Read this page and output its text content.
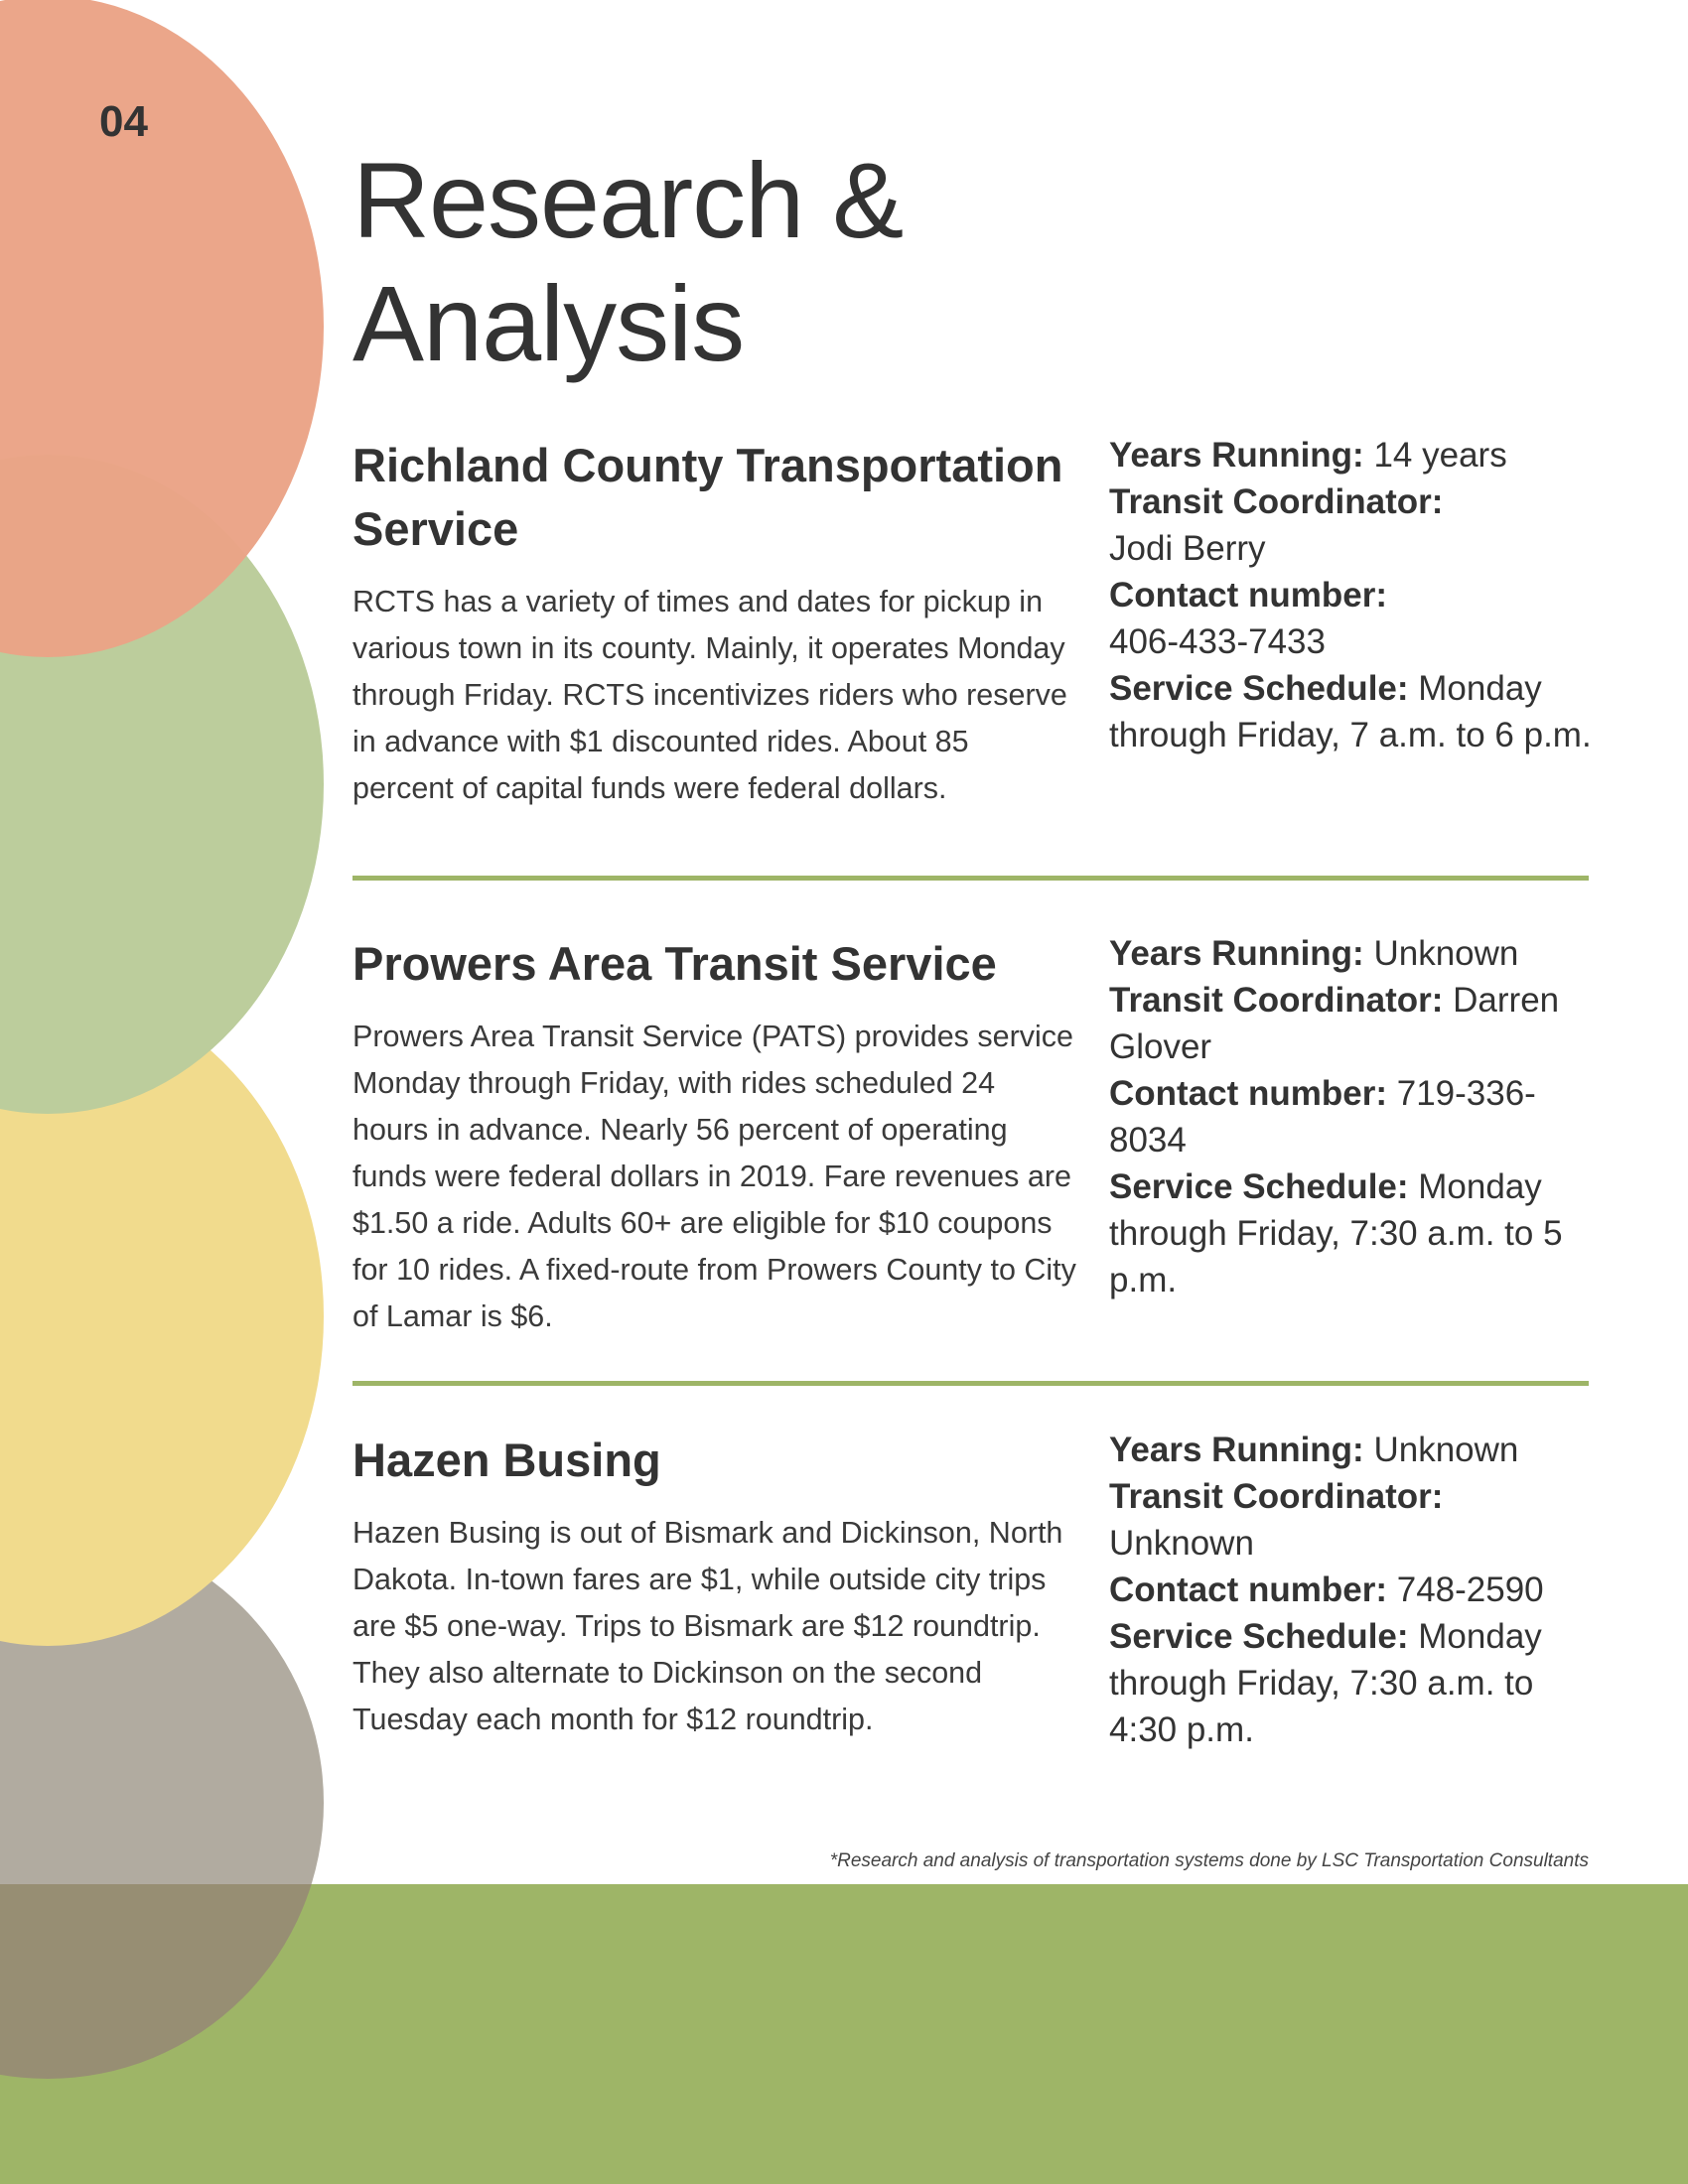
04
Research &
Analysis
Richland County Transportation Service

RCTS has a variety of times and dates for pickup in various town in its county. Mainly, it operates Monday through Friday. RCTS incentivizes riders who reserve in advance with $1 discounted rides. About 85 percent of capital funds were federal dollars.

Years Running: 14 years

Transit Coordinator:

Jodi Berry

Contact number:

406-433-7433

Service Schedule: Monday through Friday, 7 a.m. to 6 p.m.

Prowers Area Transit Service

Prowers Area Transit Service (PATS) provides service Monday through Friday, with rides scheduled 24 hours in advance. Nearly 56 percent of operating funds were federal dollars in 2019. Fare revenues are $1.50 a ride. Adults 60+ are eligible for $10 coupons for 10 rides. A fixed-route from Prowers County to City of Lamar is $6.

Years Running: Unknown

Transit Coordinator: Darren Glover

Contact number: 719-336-8034

Service Schedule: Monday through Friday, 7:30 a.m. to 5 p.m.

Hazen Busing

Hazen Busing is out of Bismark and Dickinson, North Dakota. In-town fares are $1, while outside city trips are $5 one-way. Trips to Bismark are $12 roundtrip. They also alternate to Dickinson on the second Tuesday each month for $12 roundtrip.

Years Running: Unknown

Transit Coordinator:

Unknown

Contact number: 748-2590

Service Schedule: Monday through Friday, 7:30 a.m. to 4:30 p.m.

*Research and analysis of transportation systems done by LSC Transportation Consultants
